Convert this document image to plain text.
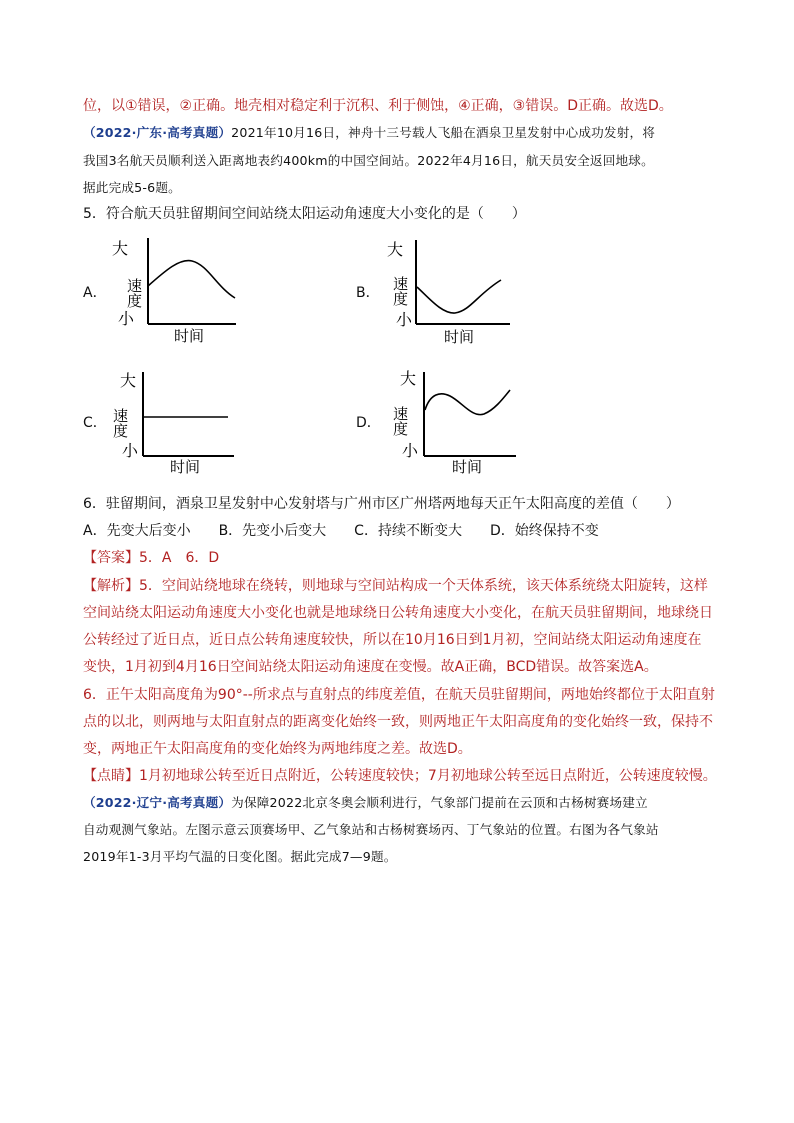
位，以①错误，②正确。地壳相对稳定利于沉积、利于侧蚀，④正确，③错误。D正确。故选D。
（2022·广东·高考真题）2021年10月16日，神舟十三号载人飞船在酒泉卫星发射中心成功发射，将
我国3名航天员顺利送入距离地表约400km的中国空间站。2022年4月16日，航天员安全返回地球。
据此完成5-6题。
5．符合航天员驻留期间空间站绕太阳运动角速度大小变化的是（　　）
A．
大
小
速度
时间
B．
大
小
速度
时间
C．
大
小
速度
时间
D．
大
小
速度
时间
6．驻留期间，酒泉卫星发射中心发射塔与广州市区广州塔两地每天正午太阳高度的差值（　　）
A．先变大后变小　　B．先变小后变大　　C．持续不断变大　　D．始终保持不变
【答案】5．A　6．D
【解析】5．空间站绕地球在绕转，则地球与空间站构成一个天体系统，该天体系统绕太阳旋转，这样
空间站绕太阳运动角速度大小变化也就是地球绕日公转角速度大小变化，在航天员驻留期间，地球绕日
公转经过了近日点，近日点公转角速度较快，所以在10月16日到1月初，空间站绕太阳运动角速度在
变快，1月初到4月16日空间站绕太阳运动角速度在变慢。故A正确，BCD错误。故答案选A。
6．正午太阳高度角为90°--所求点与直射点的纬度差值，在航天员驻留期间，两地始终都位于太阳直射
点的以北，则两地与太阳直射点的距离变化始终一致，则两地正午太阳高度角的变化始终一致，保持不
变，两地正午太阳高度角的变化始终为两地纬度之差。故选D。
【点睛】1月初地球公转至近日点附近，公转速度较快；7月初地球公转至远日点附近，公转速度较慢。
（2022·辽宁·高考真题）为保障2022北京冬奥会顺利进行，气象部门提前在云顶和古杨树赛场建立
自动观测气象站。左图示意云顶赛场甲、乙气象站和古杨树赛场丙、丁气象站的位置。右图为各气象站
2019年1-3月平均气温的日变化图。据此完成7—9题。
